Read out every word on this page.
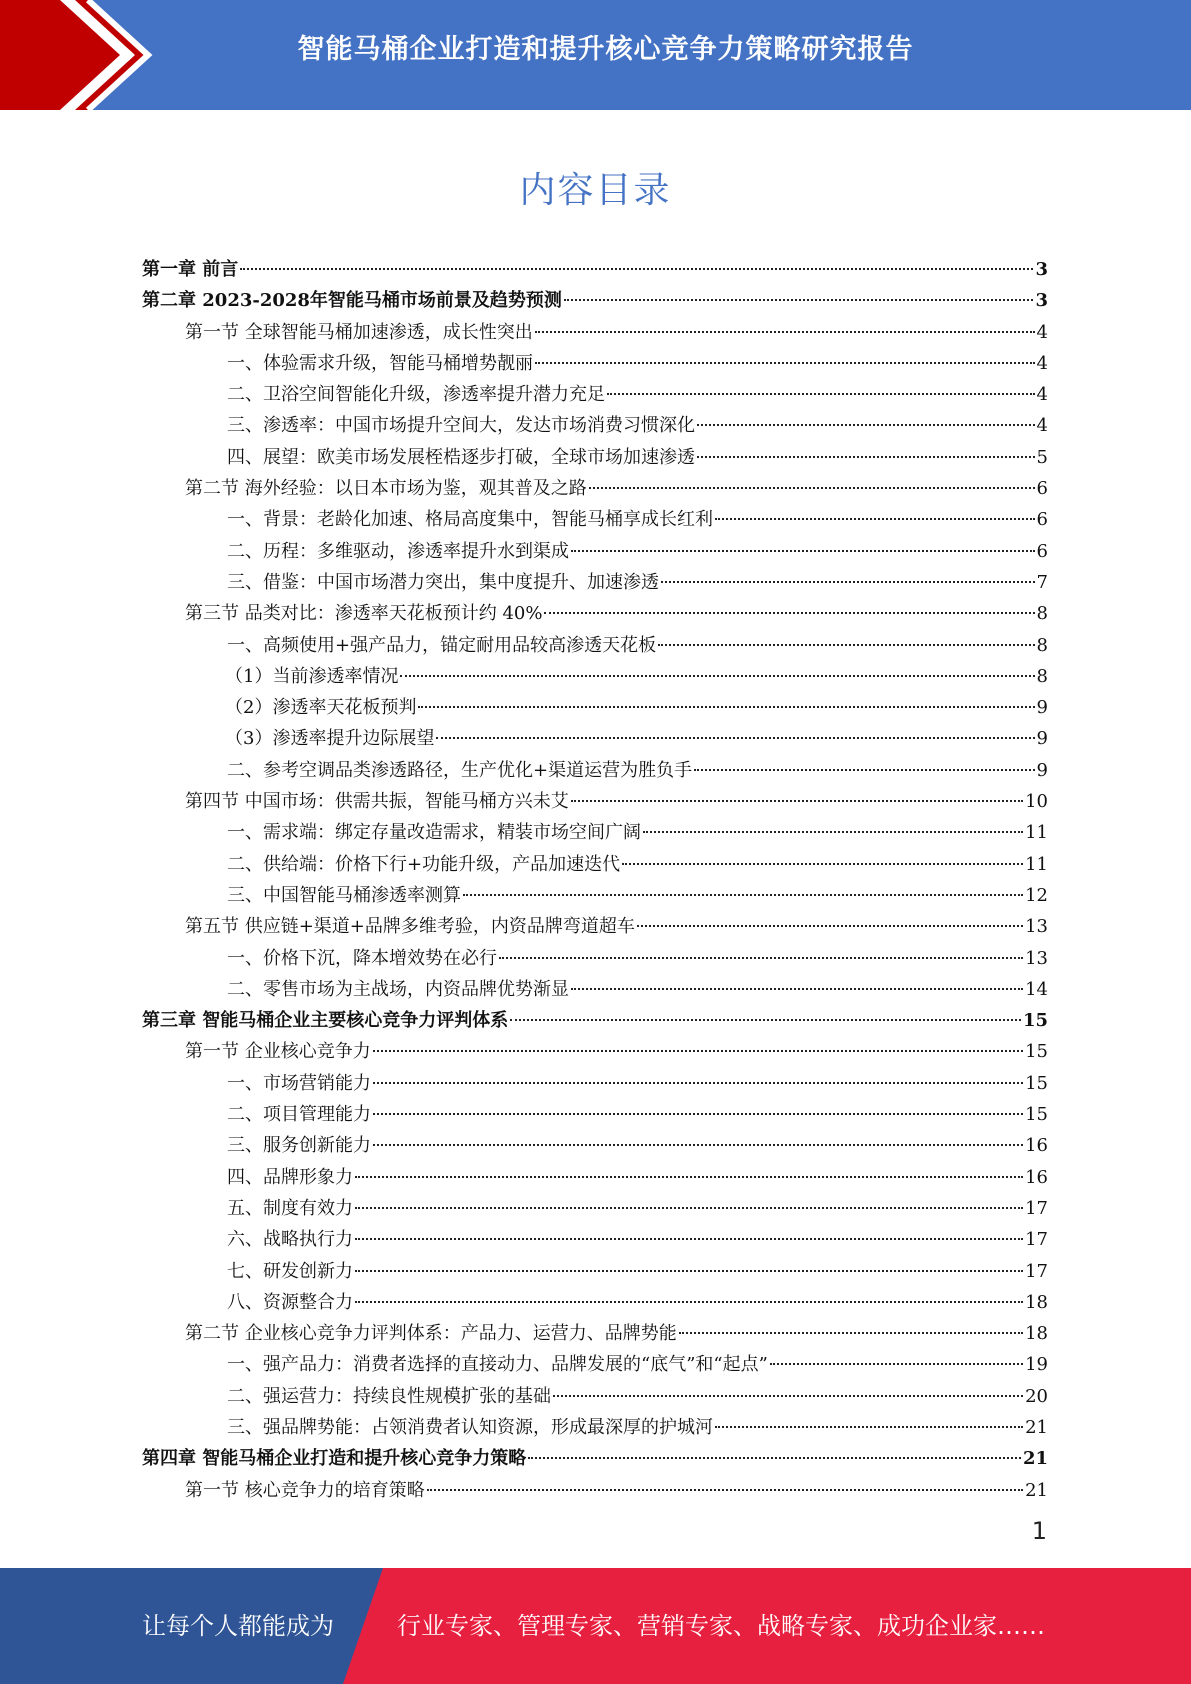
智能马桶企业打造和提升核心竞争力策略研究报告
内容目录
第一章 前言	3
第二章 2023-2028年智能马桶市场前景及趋势预测	3
第一节 全球智能马桶加速渗透，成长性突出	4
一、体验需求升级，智能马桶增势靓丽	4
二、卫浴空间智能化升级，渗透率提升潜力充足	4
三、渗透率：中国市场提升空间大，发达市场消费习惯深化	4
四、展望：欧美市场发展桎梏逐步打破，全球市场加速渗透	5
第二节 海外经验：以日本市场为鉴，观其普及之路	6
一、背景：老龄化加速、格局高度集中，智能马桶享成长红利	6
二、历程：多维驱动，渗透率提升水到渠成	6
三、借鉴：中国市场潜力突出，集中度提升、加速渗透	7
第三节 品类对比：渗透率天花板预计约 40%	8
一、高频使用+强产品力，锚定耐用品较高渗透天花板	8
（1）当前渗透率情况	8
（2）渗透率天花板预判	9
（3）渗透率提升边际展望	9
二、参考空调品类渗透路径，生产优化+渠道运营为胜负手	9
第四节 中国市场：供需共振，智能马桶方兴未艾	10
一、需求端：绑定存量改造需求，精装市场空间广阔	11
二、供给端：价格下行+功能升级，产品加速迭代	11
三、中国智能马桶渗透率测算	12
第五节 供应链+渠道+品牌多维考验，内资品牌弯道超车	13
一、价格下沉，降本增效势在必行	13
二、零售市场为主战场，内资品牌优势渐显	14
第三章 智能马桶企业主要核心竞争力评判体系	15
第一节 企业核心竞争力	15
一、市场营销能力	15
二、项目管理能力	15
三、服务创新能力	16
四、品牌形象力	16
五、制度有效力	17
六、战略执行力	17
七、研发创新力	17
八、资源整合力	18
第二节 企业核心竞争力评判体系：产品力、运营力、品牌势能	18
一、强产品力：消费者选择的直接动力、品牌发展的“底气”和“起点”	19
二、强运营力：持续良性规模扩张的基础	20
三、强品牌势能：占领消费者认知资源，形成最深厚的护城河	21
第四章 智能马桶企业打造和提升核心竞争力策略	21
第一节 核心竞争力的培育策略	21
1
让每个人都能成为	行业专家、管理专家、营销专家、战略专家、成功企业家……
